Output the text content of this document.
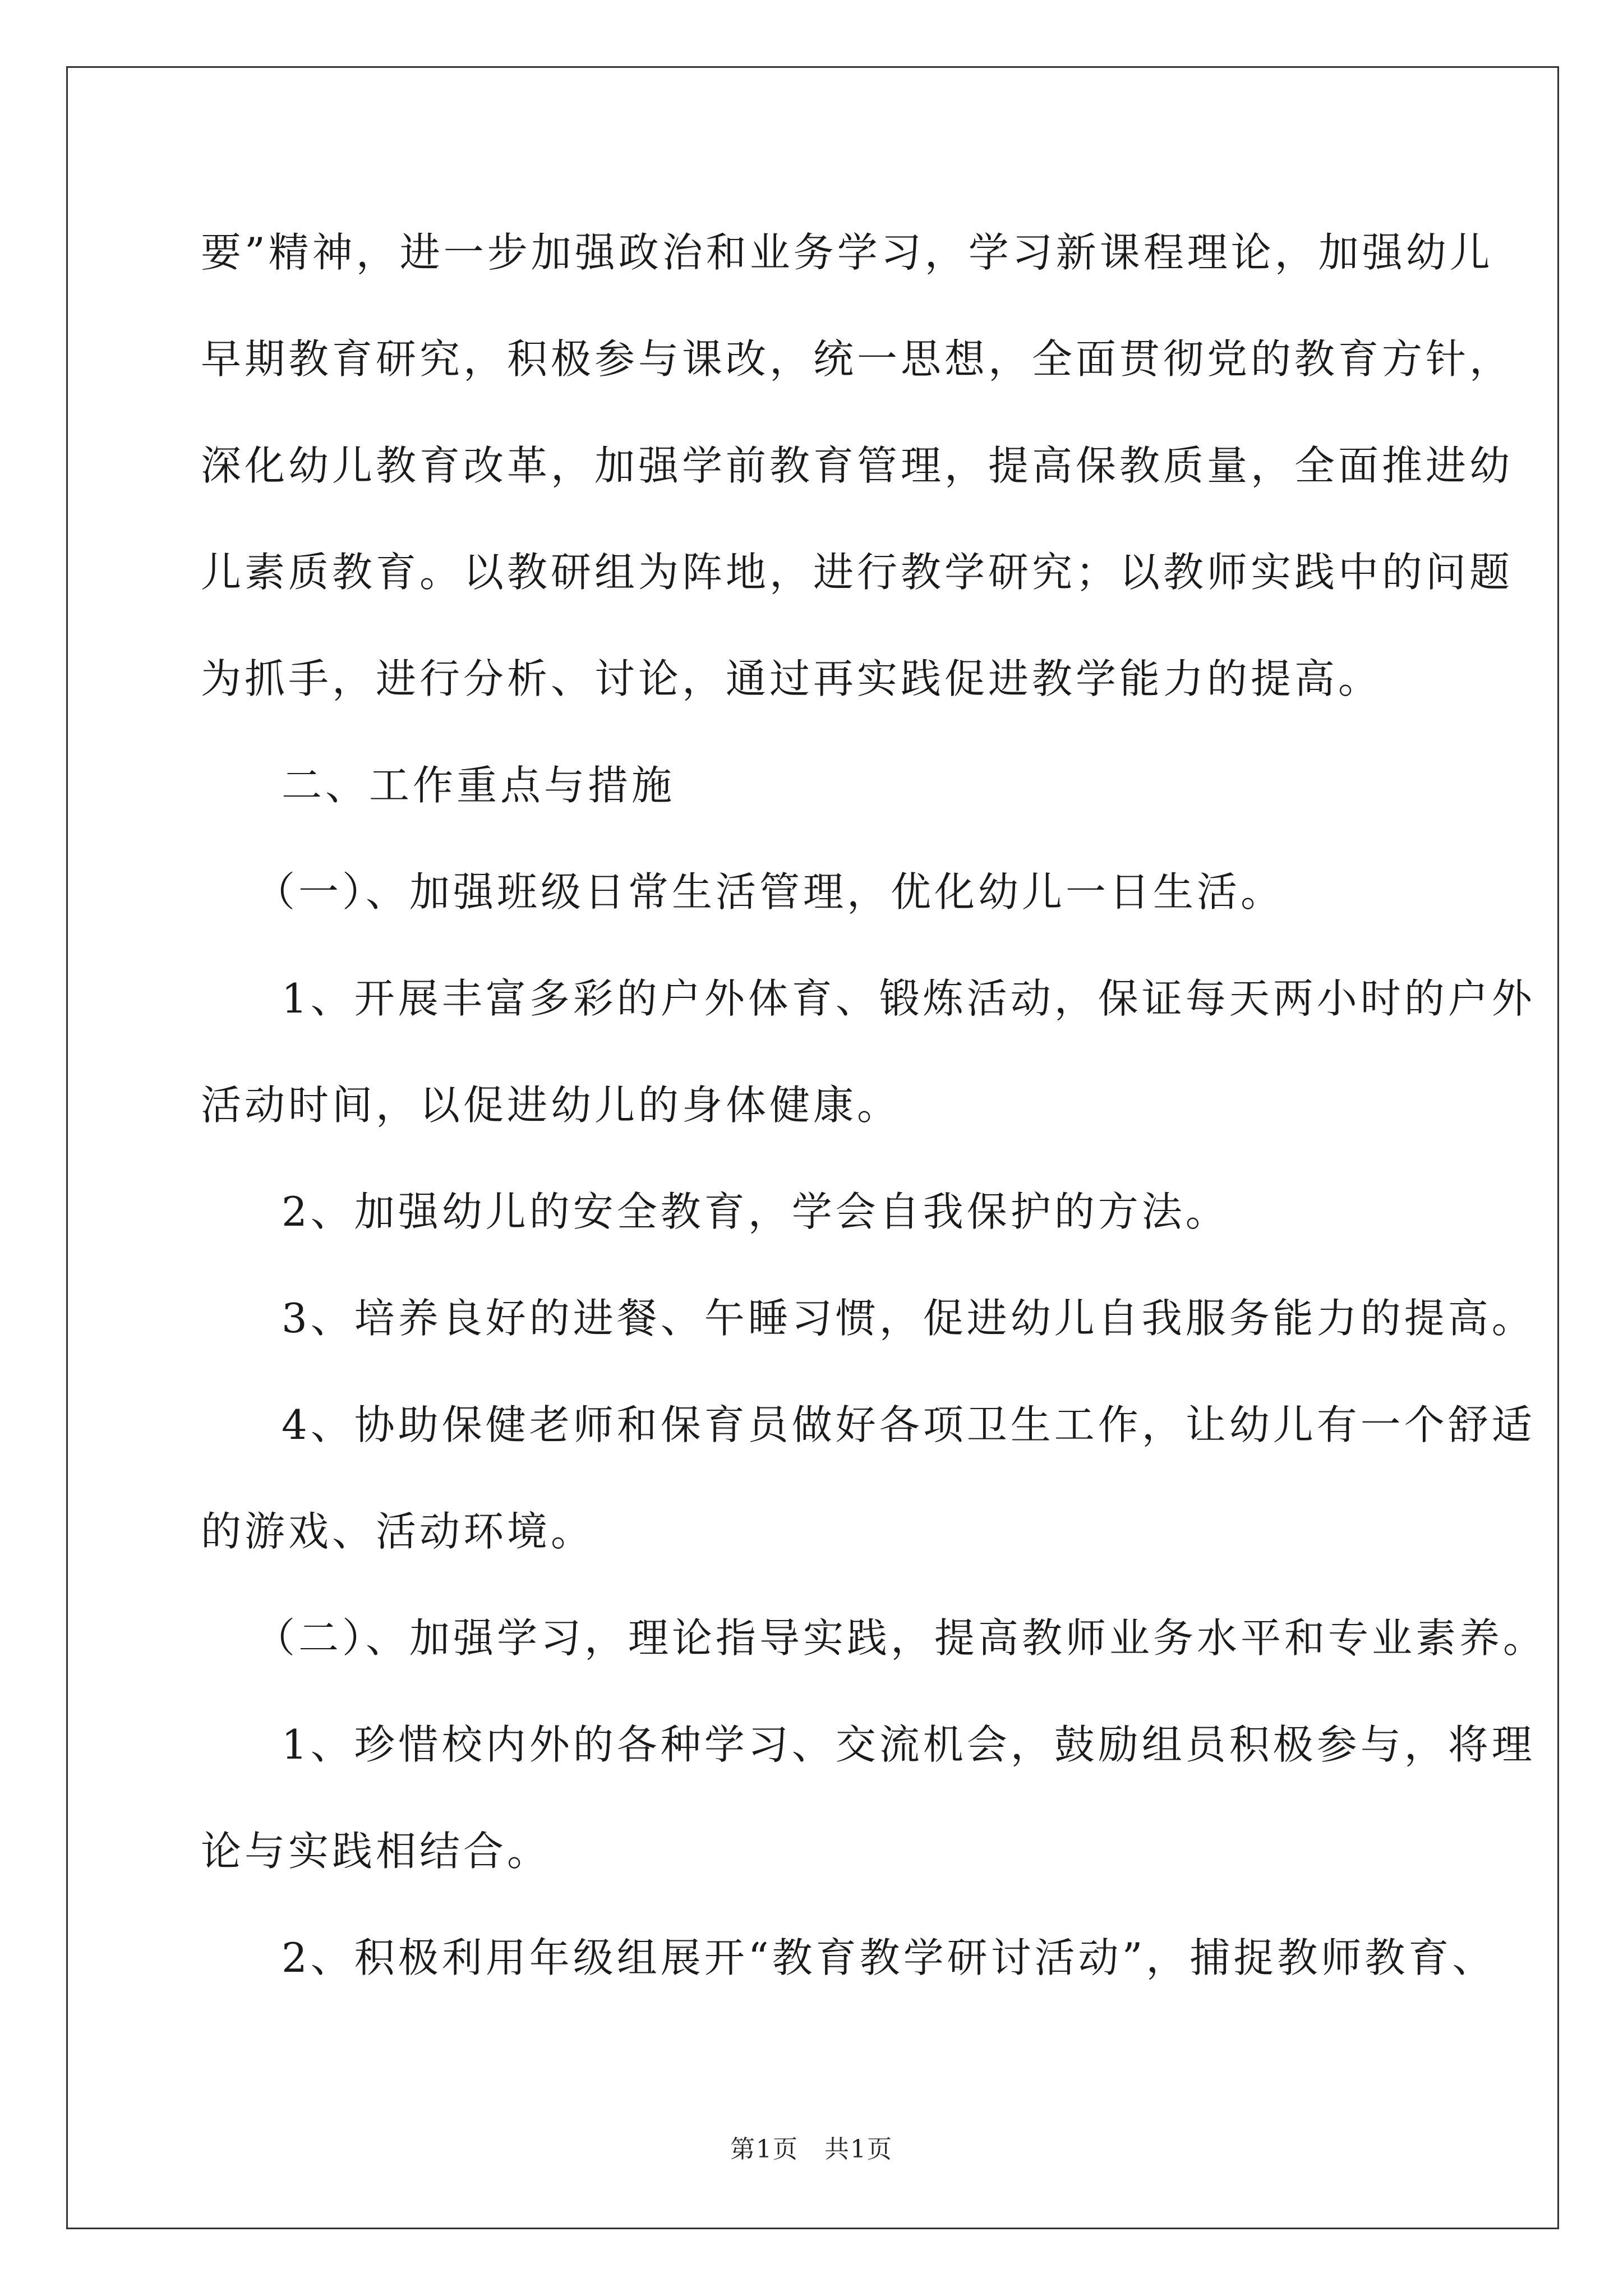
要”精神，进一步加强政治和业务学习，学习新课程理论，加强幼儿
早期教育研究，积极参与课改，统一思想，全面贯彻党的教育方针，
深化幼儿教育改革，加强学前教育管理，提高保教质量，全面推进幼
儿素质教育。以教研组为阵地，进行教学研究；以教师实践中的问题
为抓手，进行分析、讨论，通过再实践促进教学能力的提高。
二、工作重点与措施
（一）、加强班级日常生活管理，优化幼儿一日生活。
1、开展丰富多彩的户外体育、锻炼活动，保证每天两小时的户外
活动时间，以促进幼儿的身体健康。
2、加强幼儿的安全教育，学会自我保护的方法。
3、培养良好的进餐、午睡习惯，促进幼儿自我服务能力的提高。
4、协助保健老师和保育员做好各项卫生工作，让幼儿有一个舒适
的游戏、活动环境。
（二）、加强学习，理论指导实践，提高教师业务水平和专业素养。
1、珍惜校内外的各种学习、交流机会，鼓励组员积极参与，将理
论与实践相结合。
2、积极利用年级组展开“教育教学研讨活动”，捕捉教师教育、
第1页　共1页
